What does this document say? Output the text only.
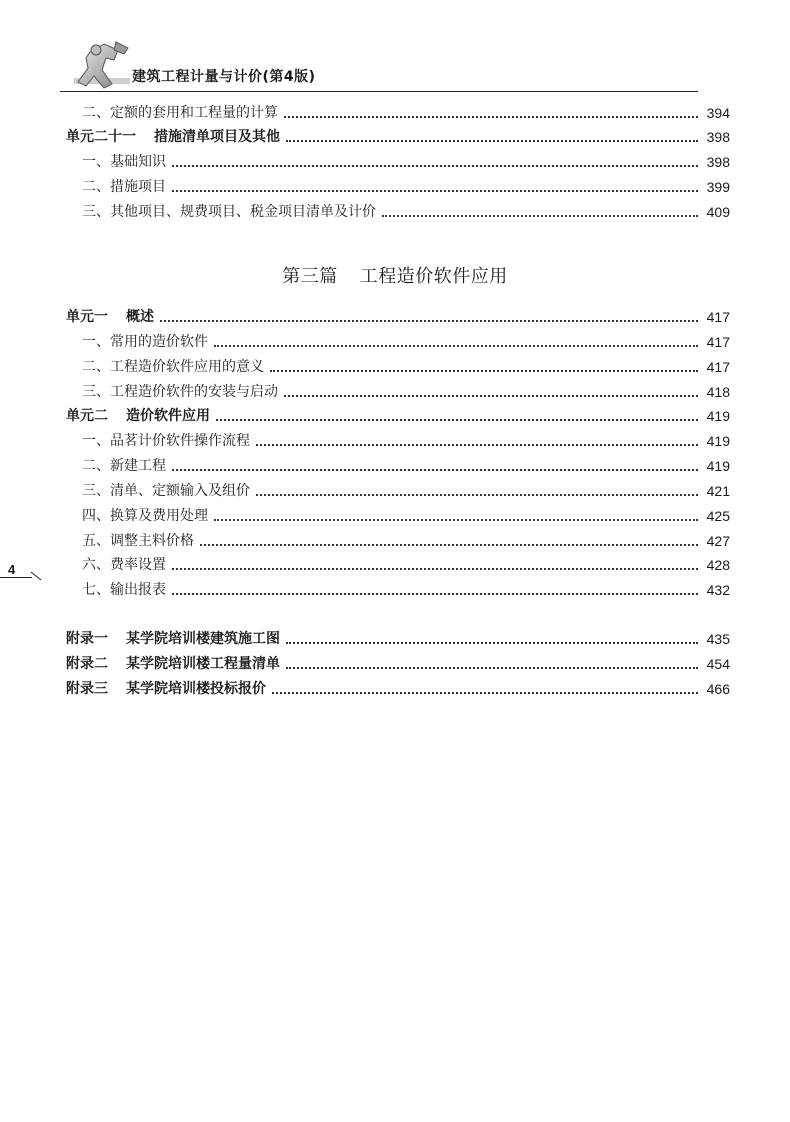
建筑工程计量与计价(第4版)
二、定额的套用和工程量的计算	394
单元二十一 措施清单项目及其他	398
一、基础知识	398
二、措施项目	399
三、其他项目、规费项目、税金项目清单及计价	409
第三篇 工程造价软件应用
单元一 概述	417
一、常用的造价软件	417
二、工程造价软件应用的意义	417
三、工程造价软件的安装与启动	418
单元二 造价软件应用	419
一、品茗计价软件操作流程	419
二、新建工程	419
三、清单、定额输入及组价	421
四、换算及费用处理	425
五、调整主料价格	427
六、费率设置	428
七、输出报表	432
附录一 某学院培训楼建筑施工图	435
附录二 某学院培训楼工程量清单	454
附录三 某学院培训楼投标报价	466
4
